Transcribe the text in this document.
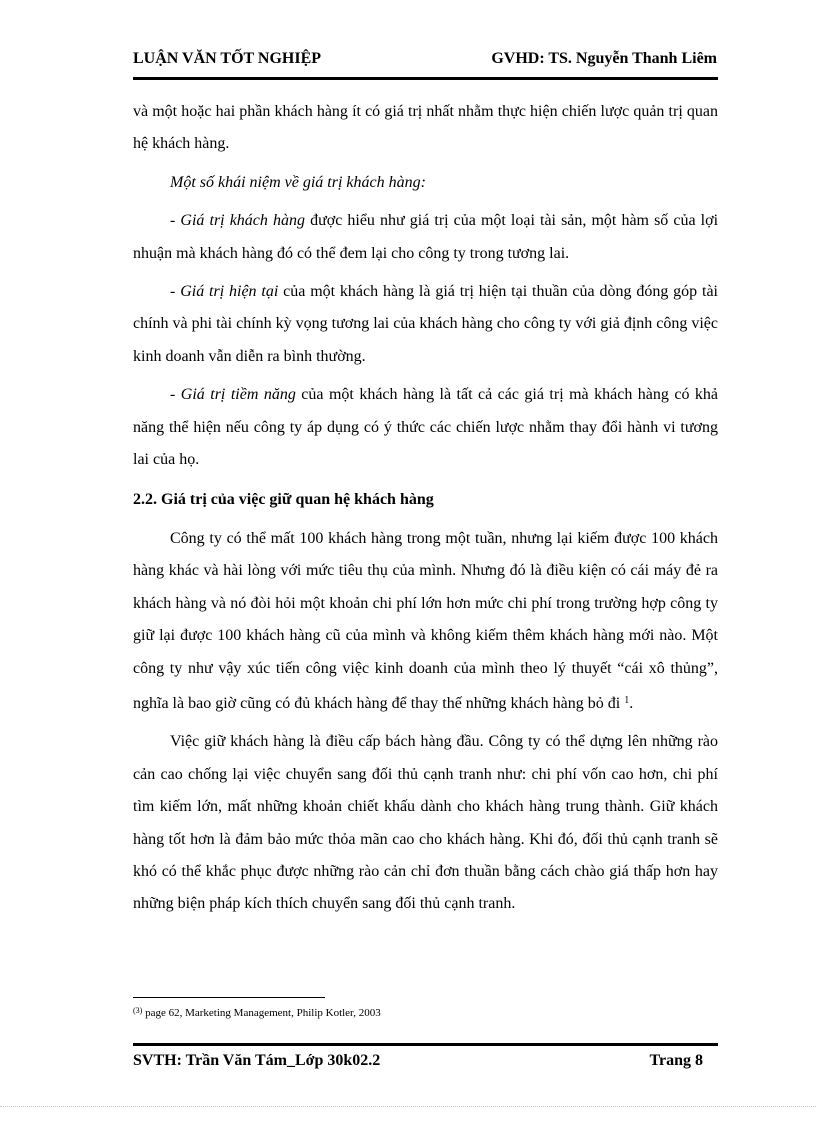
LUẬN VĂN TỐT NGHIỆP	GVHD: TS. Nguyễn Thanh Liêm

và một hoặc hai phần khách hàng ít có giá trị nhất nhằm thực hiện chiến lược quản trị quan hệ khách hàng.

Một số khái niệm về giá trị khách hàng:

- Giá trị khách hàng được hiểu như giá trị của một loại tài sản, một hàm số của lợi nhuận mà khách hàng đó có thể đem lại cho công ty trong tương lai.

- Giá trị hiện tại của một khách hàng là giá trị hiện tại thuần của dòng đóng góp tài chính và phi tài chính kỳ vọng tương lai của khách hàng cho công ty với giả định công việc kinh doanh vẫn diễn ra bình thường.

- Giá trị tiềm năng của một khách hàng là tất cả các giá trị mà khách hàng có khả năng thể hiện nếu công ty áp dụng có ý thức các chiến lược nhằm thay đổi hành vi tương lai của họ.

2.2. Giá trị của việc giữ quan hệ khách hàng

Công ty có thể mất 100 khách hàng trong một tuần, nhưng lại kiếm được 100 khách hàng khác và hài lòng với mức tiêu thụ của mình. Nhưng đó là điều kiện có cái máy đẻ ra khách hàng và nó đòi hỏi một khoản chi phí lớn hơn mức chi phí trong trường hợp công ty giữ lại được 100 khách hàng cũ của mình và không kiếm thêm khách hàng mới nào. Một công ty như vậy xúc tiến công việc kinh doanh của mình theo lý thuyết “cái xô thủng”, nghĩa là bao giờ cũng có đủ khách hàng để thay thế những khách hàng bỏ đi $^1$.

Việc giữ khách hàng là điều cấp bách hàng đầu. Công ty có thể dựng lên những rào cản cao chống lại việc chuyển sang đối thủ cạnh tranh như: chi phí vốn cao hơn, chi phí tìm kiếm lớn, mất những khoản chiết khấu dành cho khách hàng trung thành. Giữ khách hàng tốt hơn là đảm bảo mức thỏa mãn cao cho khách hàng. Khi đó, đối thủ cạnh tranh sẽ khó có thể khắc phục được những rào cản chỉ đơn thuần bằng cách chào giá thấp hơn hay những biện pháp kích thích chuyển sang đối thủ cạnh tranh.

$^{(3)}$ page 62, Marketing Management, Philip Kotler, 2003
SVTH: Trần Văn Tám_Lớp 30k02.2	Trang 8
